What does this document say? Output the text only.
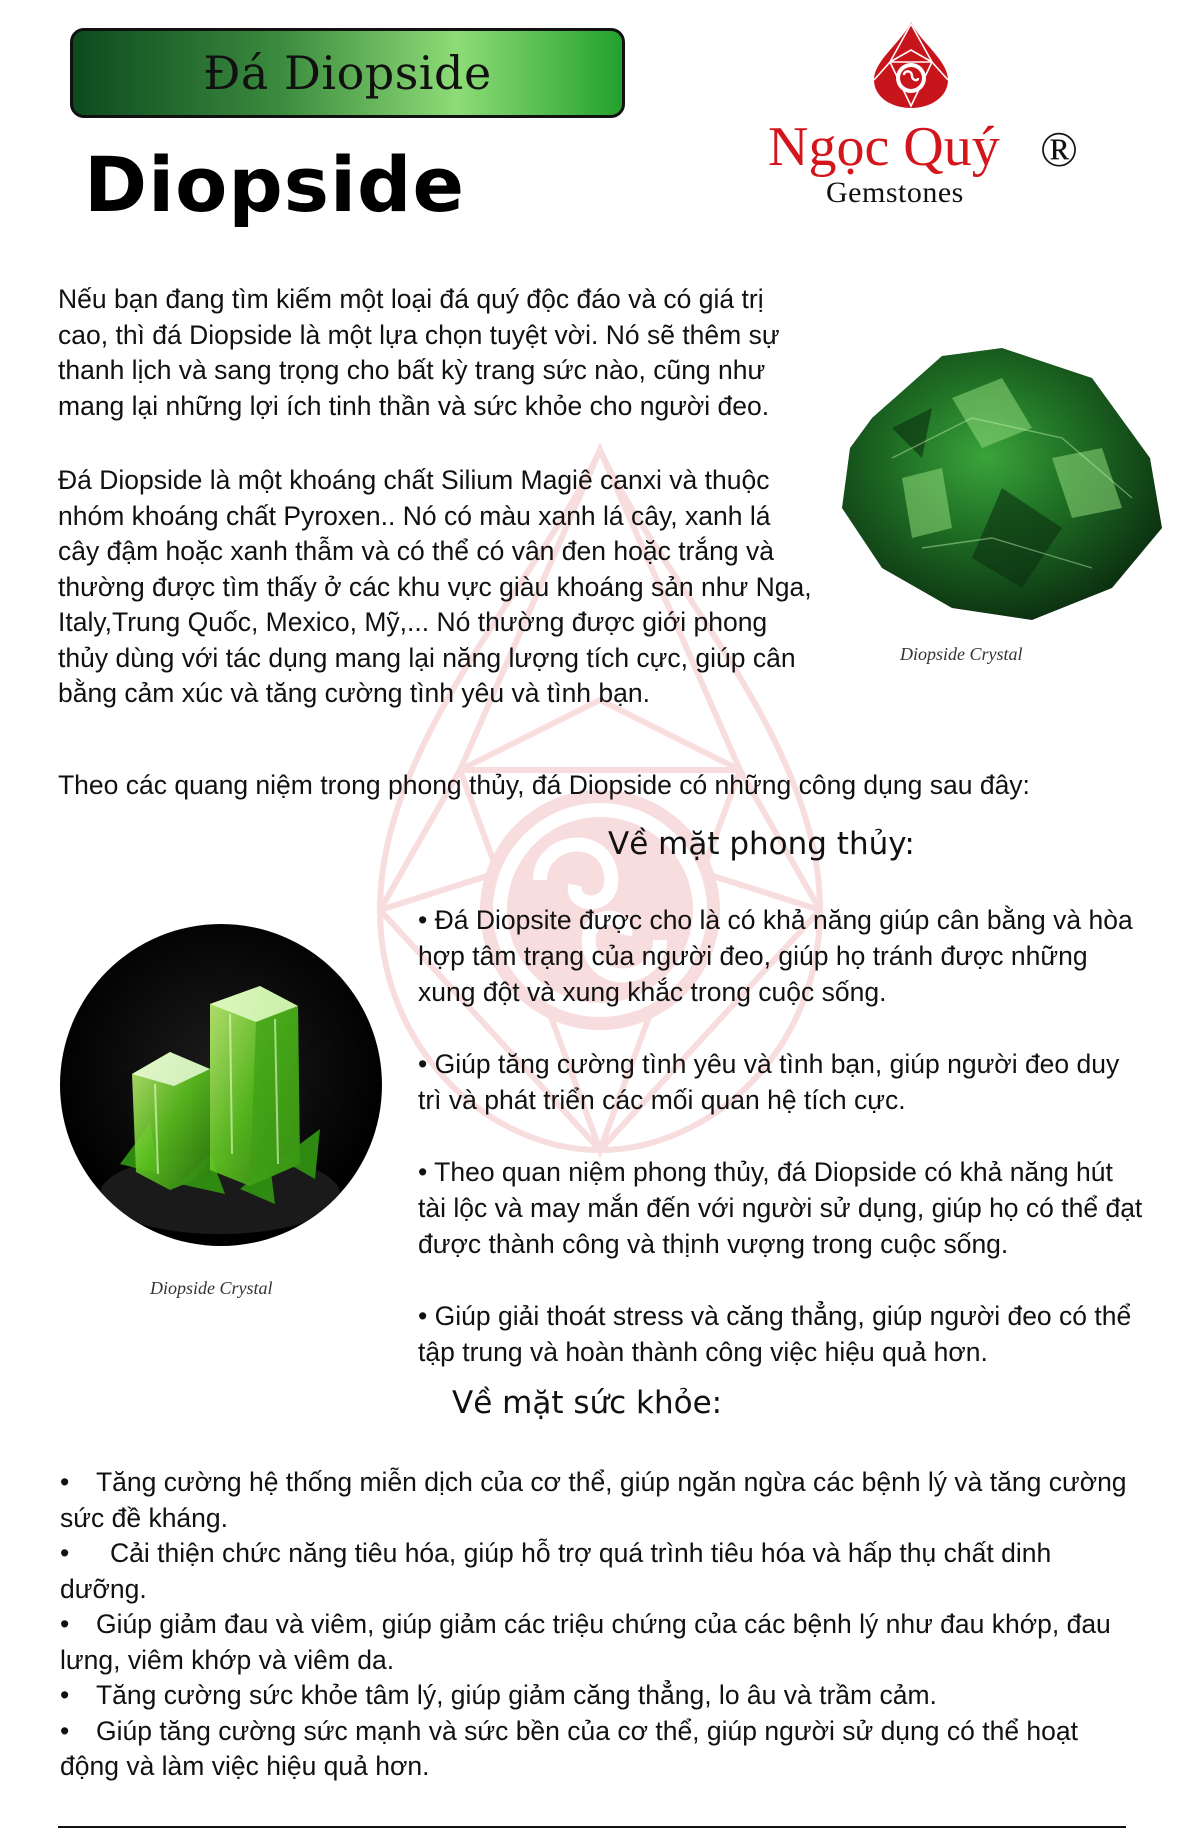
Đá Diopside
Diopside	Ngọc Quý ®
Gemstones
Nếu bạn đang tìm kiếm một loại đá quý độc đáo và có giá trị cao, thì đá Diopside là một lựa chọn tuyệt vời. Nó sẽ thêm sự thanh lịch và sang trọng cho bất kỳ trang sức nào, cũng như mang lại những lợi ích tinh thần và sức khỏe cho người đeo.
Đá Diopside là một khoáng chất Silium Magiê canxi và thuộc nhóm khoáng chất Pyroxen.. Nó có màu xanh lá cây, xanh lá cây đậm hoặc xanh thẫm và có thể có vân đen hoặc trắng và thường được tìm thấy ở các khu vực giàu khoáng sản như Nga, Italy,Trung Quốc, Mexico, Mỹ,... Nó thường được giới phong thủy dùng với tác dụng mang lại năng lượng tích cực, giúp cân bằng cảm xúc và tăng cường tình yêu và tình bạn.
Diopside Crystal
Theo các quang niệm trong phong thủy, đá Diopside có những công dụng sau đây:
Về mặt phong thủy:
Diopside Crystal
• Đá Diopsite được cho là có khả năng giúp cân bằng và hòa hợp tâm trạng của người đeo, giúp họ tránh được những xung đột và xung khắc trong cuộc sống.
• Giúp tăng cường tình yêu và tình bạn, giúp người đeo duy trì và phát triển các mối quan hệ tích cực.
• Theo quan niệm phong thủy, đá Diopside có khả năng hút tài lộc và may mắn đến với người sử dụng, giúp họ có thể đạt được thành công và thịnh vượng trong cuộc sống.
• Giúp giải thoát stress và căng thẳng, giúp người đeo có thể tập trung và hoàn thành công việc hiệu quả hơn.
Về mặt sức khỏe:
• Tăng cường hệ thống miễn dịch của cơ thể, giúp ngăn ngừa các bệnh lý và tăng cường sức đề kháng.
• Cải thiện chức năng tiêu hóa, giúp hỗ trợ quá trình tiêu hóa và hấp thụ chất dinh dưỡng.
• Giúp giảm đau và viêm, giúp giảm các triệu chứng của các bệnh lý như đau khớp, đau lưng, viêm khớp và viêm da.
• Tăng cường sức khỏe tâm lý, giúp giảm căng thẳng, lo âu và trầm cảm.
• Giúp tăng cường sức mạnh và sức bền của cơ thể, giúp người sử dụng có thể hoạt động và làm việc hiệu quả hơn.
